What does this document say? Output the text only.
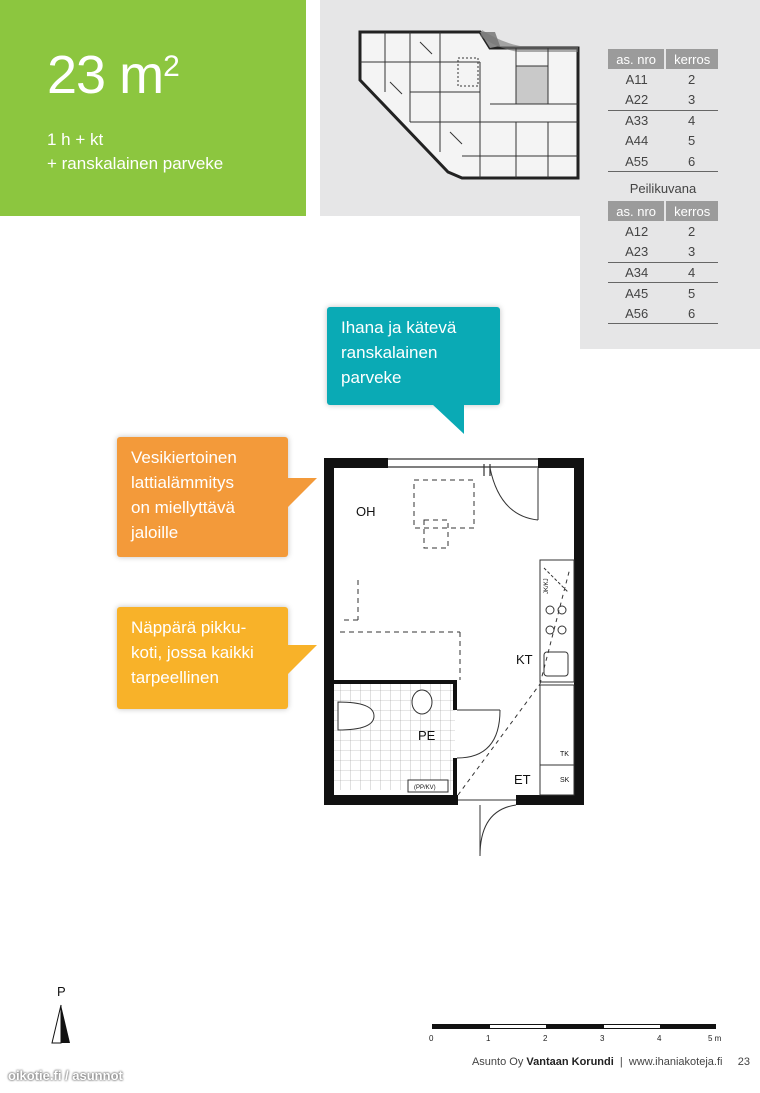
23 $m^2$
1 h + kt
+ ranskalainen parveke
as. nro	kerros
A11	2
A22	3
A33	4
A44	5
A55	6
Peilikuvana
as. nro	kerros
A12	2
A23	3
A34	4
A45	5
A56	6
Ihana ja kätevä
ranskalainen
parveke
Vesikiertoinen
lattialämmitys
on miellyttävä
jaloille
Näppärä pikku-
koti, jossa kaikki
tarpeellinen
OH
KT
PE
ET
TK
SK
JK/KJ
(PP/KV)
P
0	1	2	3	4	5 m
Asunto Oy Vantaan Korundi | www.ihaniakoteja.fi 23
oikotie.fi / asunnot
